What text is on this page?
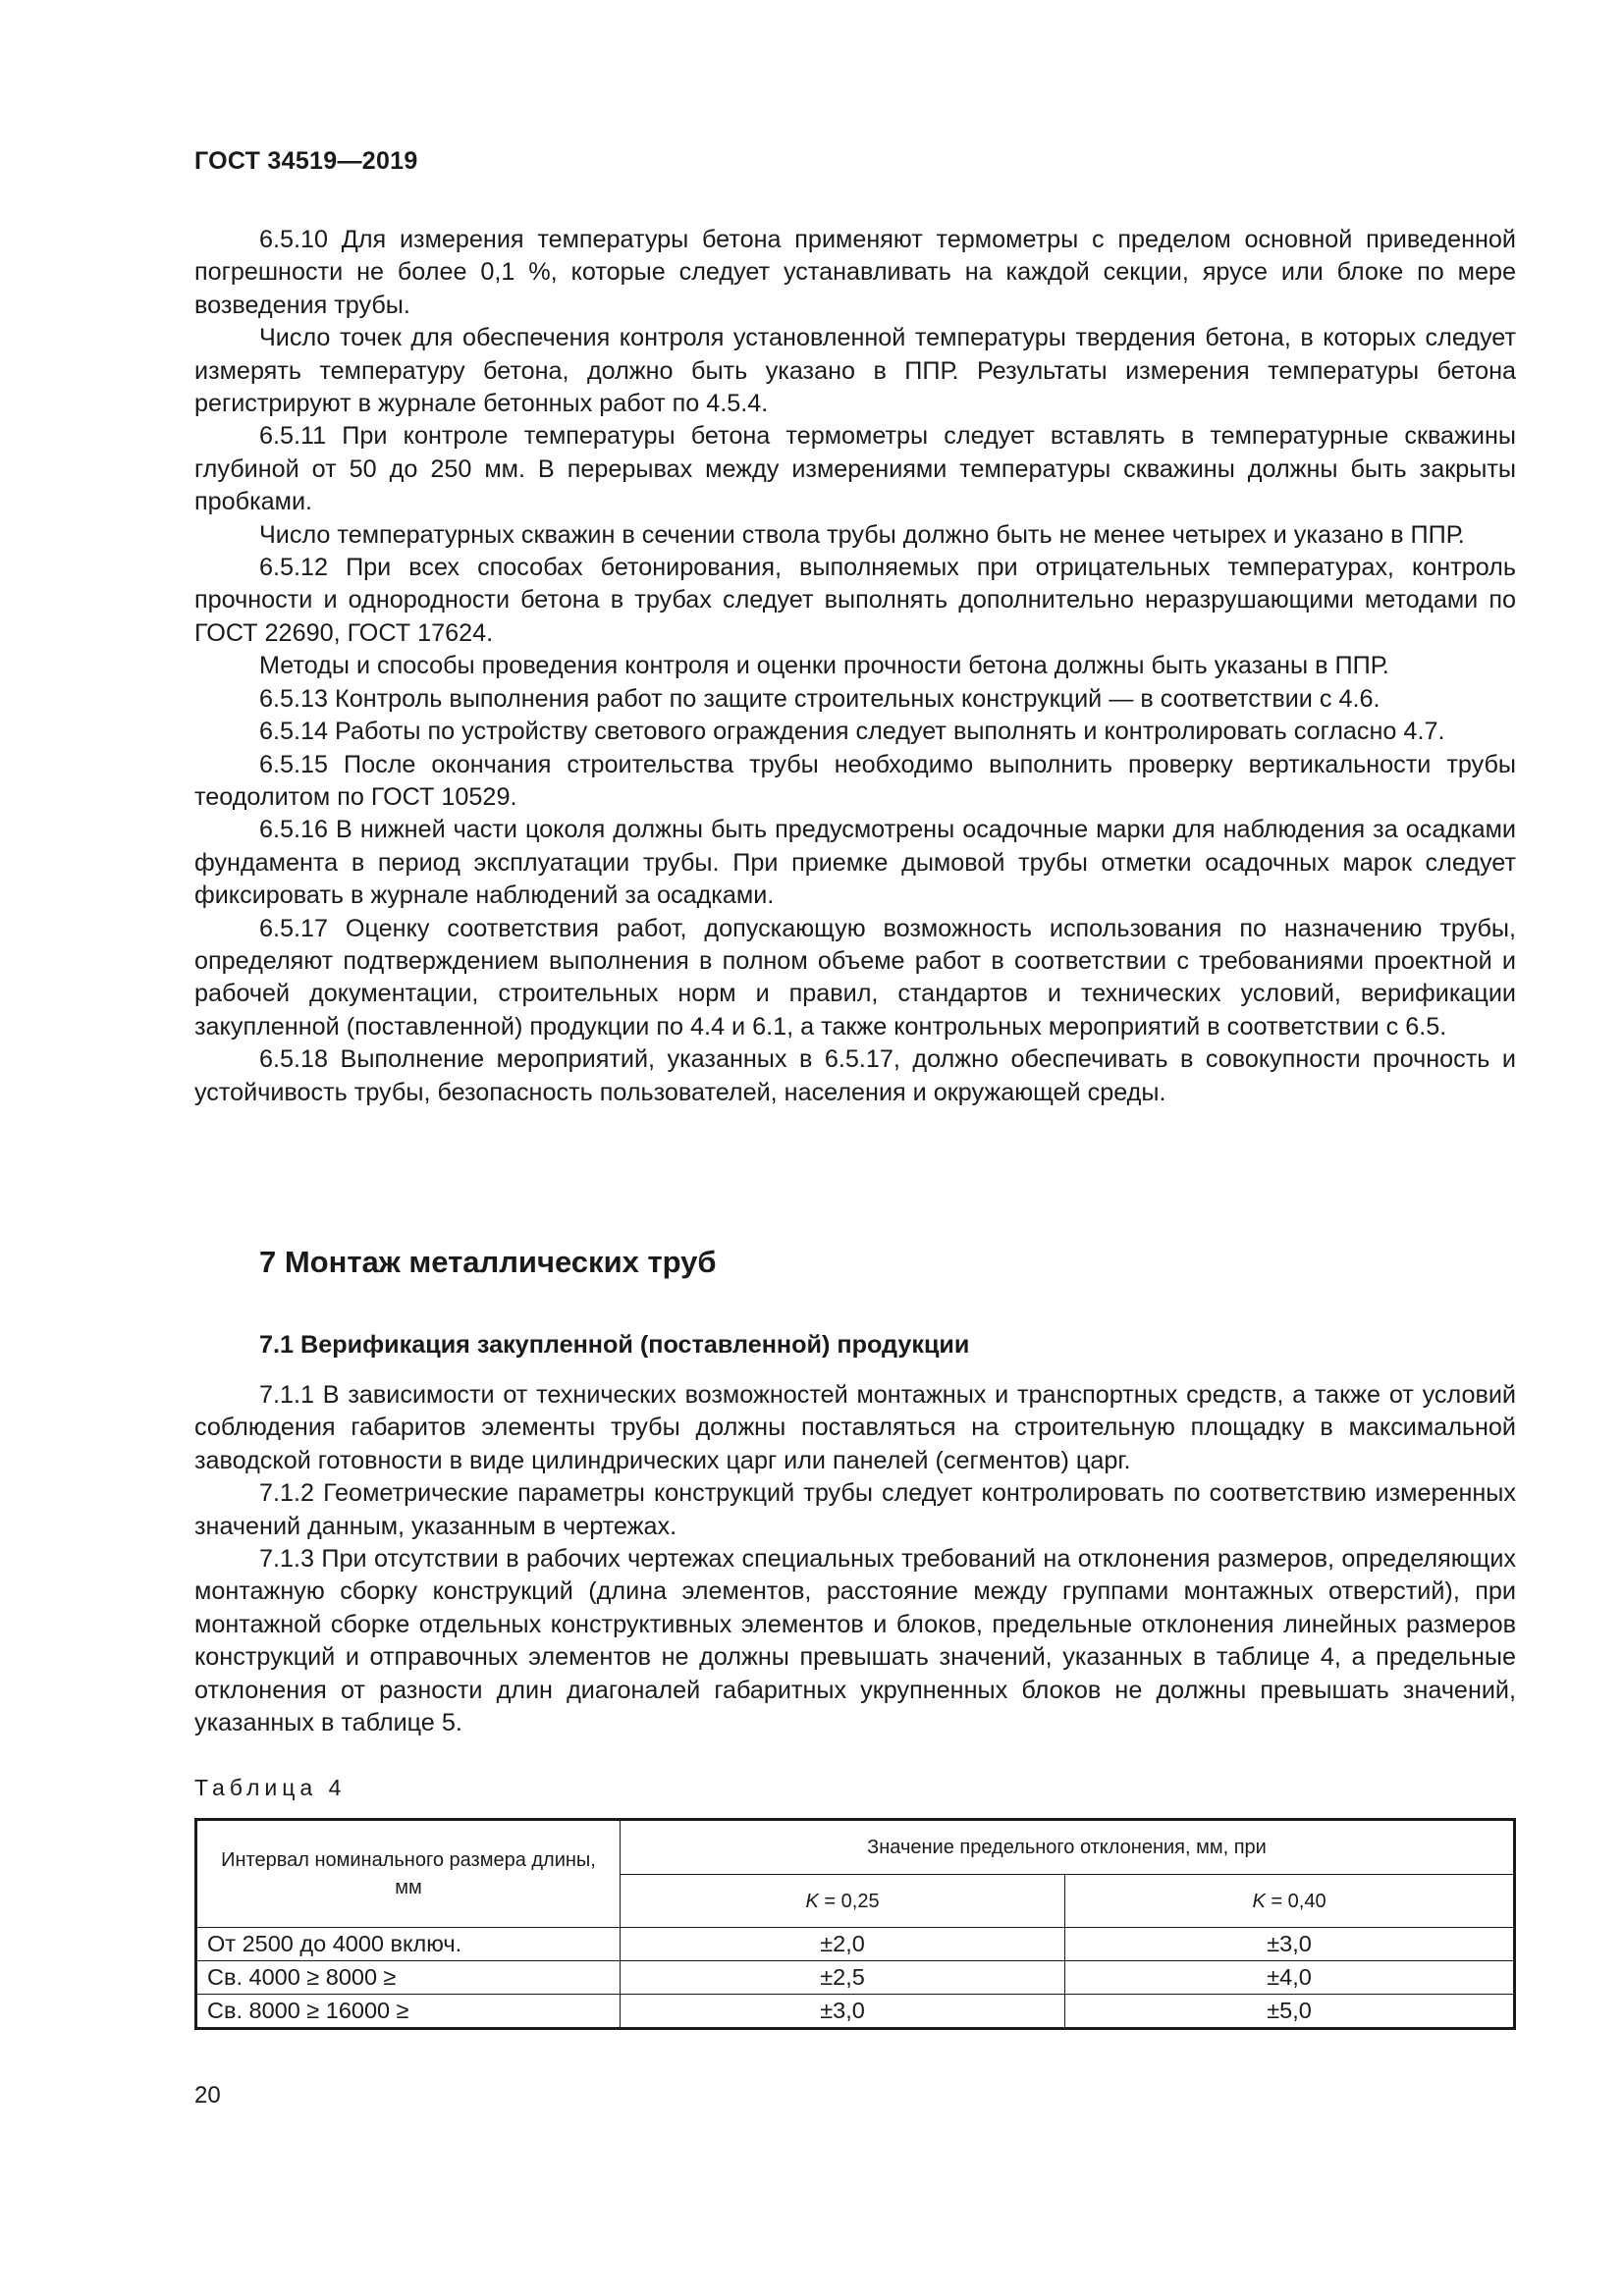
ГОСТ 34519—2019

6.5.10 Для измерения температуры бетона применяют термометры с пределом основной приведенной погрешности не более 0,1 %, которые следует устанавливать на каждой секции, ярусе или блоке по мере возведения трубы.

Число точек для обеспечения контроля установленной температуры твердения бетона, в которых следует измерять температуру бетона, должно быть указано в ППР. Результаты измерения температуры бетона регистрируют в журнале бетонных работ по 4.5.4.

6.5.11 При контроле температуры бетона термометры следует вставлять в температурные скважины глубиной от 50 до 250 мм. В перерывах между измерениями температуры скважины должны быть закрыты пробками.

Число температурных скважин в сечении ствола трубы должно быть не менее четырех и указано в ППР.

6.5.12 При всех способах бетонирования, выполняемых при отрицательных температурах, контроль прочности и однородности бетона в трубах следует выполнять дополнительно неразрушающими методами по ГОСТ 22690, ГОСТ 17624.

Методы и способы проведения контроля и оценки прочности бетона должны быть указаны в ППР.

6.5.13 Контроль выполнения работ по защите строительных конструкций — в соответствии с 4.6.

6.5.14 Работы по устройству светового ограждения следует выполнять и контролировать согласно 4.7.

6.5.15 После окончания строительства трубы необходимо выполнить проверку вертикальности трубы теодолитом по ГОСТ 10529.

6.5.16 В нижней части цоколя должны быть предусмотрены осадочные марки для наблюдения за осадками фундамента в период эксплуатации трубы. При приемке дымовой трубы отметки осадочных марок следует фиксировать в журнале наблюдений за осадками.

6.5.17 Оценку соответствия работ, допускающую возможность использования по назначению трубы, определяют подтверждением выполнения в полном объеме работ в соответствии с требованиями проектной и рабочей документации, строительных норм и правил, стандартов и технических условий, верификации закупленной (поставленной) продукции по 4.4 и 6.1, а также контрольных мероприятий в соответствии с 6.5.

6.5.18 Выполнение мероприятий, указанных в 6.5.17, должно обеспечивать в совокупности прочность и устойчивость трубы, безопасность пользователей, населения и окружающей среды.

7 Монтаж металлических труб
7.1 Верификация закупленной (поставленной) продукции

7.1.1 В зависимости от технических возможностей монтажных и транспортных средств, а также от условий соблюдения габаритов элементы трубы должны поставляться на строительную площадку в максимальной заводской готовности в виде цилиндрических царг или панелей (сегментов) царг.

7.1.2 Геометрические параметры конструкций трубы следует контролировать по соответствию измеренных значений данным, указанным в чертежах.

7.1.3 При отсутствии в рабочих чертежах специальных требований на отклонения размеров, определяющих монтажную сборку конструкций (длина элементов, расстояние между группами монтажных отверстий), при монтажной сборке отдельных конструктивных элементов и блоков, предельные отклонения линейных размеров конструкций и отправочных элементов не должны превышать значений, указанных в таблице 4, а предельные отклонения от разности длин диагоналей габаритных укрупненных блоков не должны превышать значений, указанных в таблице 5.

Таблица 4
Интервал номинального размера длины, мм	Значение предельного отклонения, мм, при	
	K = 0,25	K = 0,40
От 2500 до 4000 включ.	±2,0	±3,0
Св. 4000 ≥ 8000 ≥	±2,5	±4,0
Св. 8000 ≥ 16000 ≥	±3,0	±5,0
20
